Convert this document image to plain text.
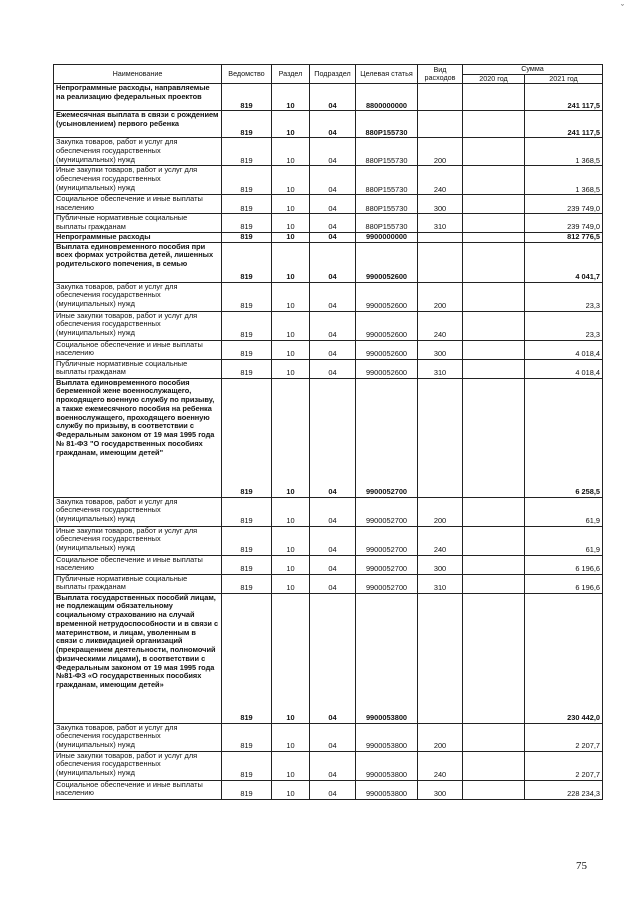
ˇ
Наименование	Ведомство	Раздел	Подраздел	Целевая статья	Вид расходов	Сумма	
						2020 год	2021 год
Непрограммные расходы, направляемые на реализацию федеральных проектов	819	10	04	8800000000			241 117,5
Ежемесячная выплата в связи с рождением (усыновлением) первого ребенка	819	10	04	880P155730			241 117,5
Закупка товаров, работ и услуг для обеспечения государственных (муниципальных) нужд	819	10	04	880P155730	200		1 368,5
Иные закупки товаров, работ и услуг для обеспечения государственных (муниципальных) нужд	819	10	04	880P155730	240		1 368,5
Социальное обеспечение и иные выплаты населению	819	10	04	880P155730	300		239 749,0
Публичные нормативные социальные выплаты гражданам	819	10	04	880P155730	310		239 749,0
Непрограммные расходы	819	10	04	9900000000			812 776,5
Выплата единовременного пособия при всех формах устройства детей, лишенных родительского попечения, в семью	819	10	04	9900052600			4 041,7
Закупка товаров, работ и услуг для обеспечения государственных (муниципальных) нужд	819	10	04	9900052600	200		23,3
Иные закупки товаров, работ и услуг для обеспечения государственных (муниципальных) нужд	819	10	04	9900052600	240		23,3
Социальное обеспечение и иные выплаты населению	819	10	04	9900052600	300		4 018,4
Публичные нормативные социальные выплаты гражданам	819	10	04	9900052600	310		4 018,4
Выплата единовременного пособия беременной жене военнослужащего, проходящего военную службу по призыву, а также ежемесячного пособия на ребенка военнослужащего, проходящего военную службу по призыву, в соответствии с Федеральным законом от 19 мая 1995 года № 81-ФЗ "О государственных пособиях гражданам, имеющим детей"	819	10	04	9900052700			6 258,5
Закупка товаров, работ и услуг для обеспечения государственных (муниципальных) нужд	819	10	04	9900052700	200		61,9
Иные закупки товаров, работ и услуг для обеспечения государственных (муниципальных) нужд	819	10	04	9900052700	240		61,9
Социальное обеспечение и иные выплаты населению	819	10	04	9900052700	300		6 196,6
Публичные нормативные социальные выплаты гражданам	819	10	04	9900052700	310		6 196,6
Выплата государственных пособий лицам, не подлежащим обязательному социальному страхованию на случай временной нетрудоспособности и в связи с материнством, и лицам, уволенным в связи с ликвидацией организаций (прекращением деятельности, полномочий физическими лицами), в соответствии с Федеральным законом от 19 мая 1995 года №81-ФЗ «О государственных пособиях гражданам, имеющим детей»	819	10	04	9900053800			230 442,0
Закупка товаров, работ и услуг для обеспечения государственных (муниципальных) нужд	819	10	04	9900053800	200		2 207,7
Иные закупки товаров, работ и услуг для обеспечения государственных (муниципальных) нужд	819	10	04	9900053800	240		2 207,7
Социальное обеспечение и иные выплаты населению	819	10	04	9900053800	300		228 234,3
75
